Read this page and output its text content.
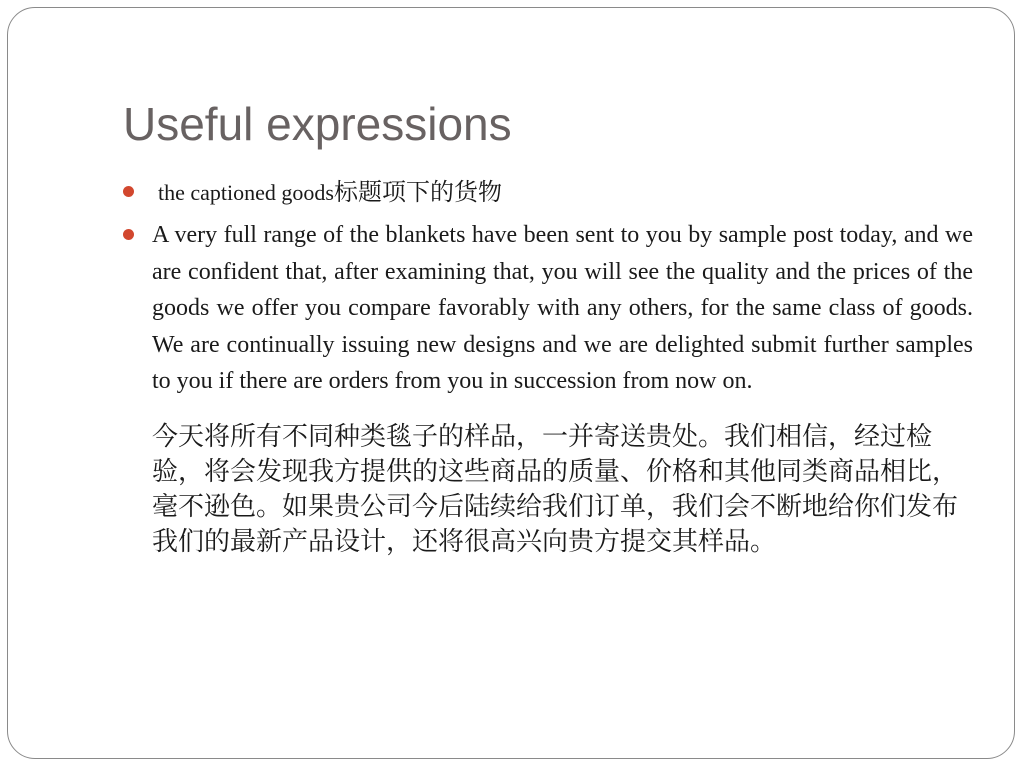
Useful expressions
the captioned goods标题项下的货物

A very full range of the blankets have been sent to you by sample post today, and we are confident that, after examining that, you will see the quality and the prices of the goods we offer you compare favorably with any others, for the same class of goods. We are continually issuing new designs and we are delighted submit further samples to you if there are orders from you in succession from now on.

今天将所有不同种类毯子的样品，一并寄送贵处。我们相信，经过检验，将会发现我方提供的这些商品的质量、价格和其他同类商品相比，毫不逊色。如果贵公司今后陆续给我们订单，我们会不断地给你们发布我们的最新产品设计，还将很高兴向贵方提交其样品。
